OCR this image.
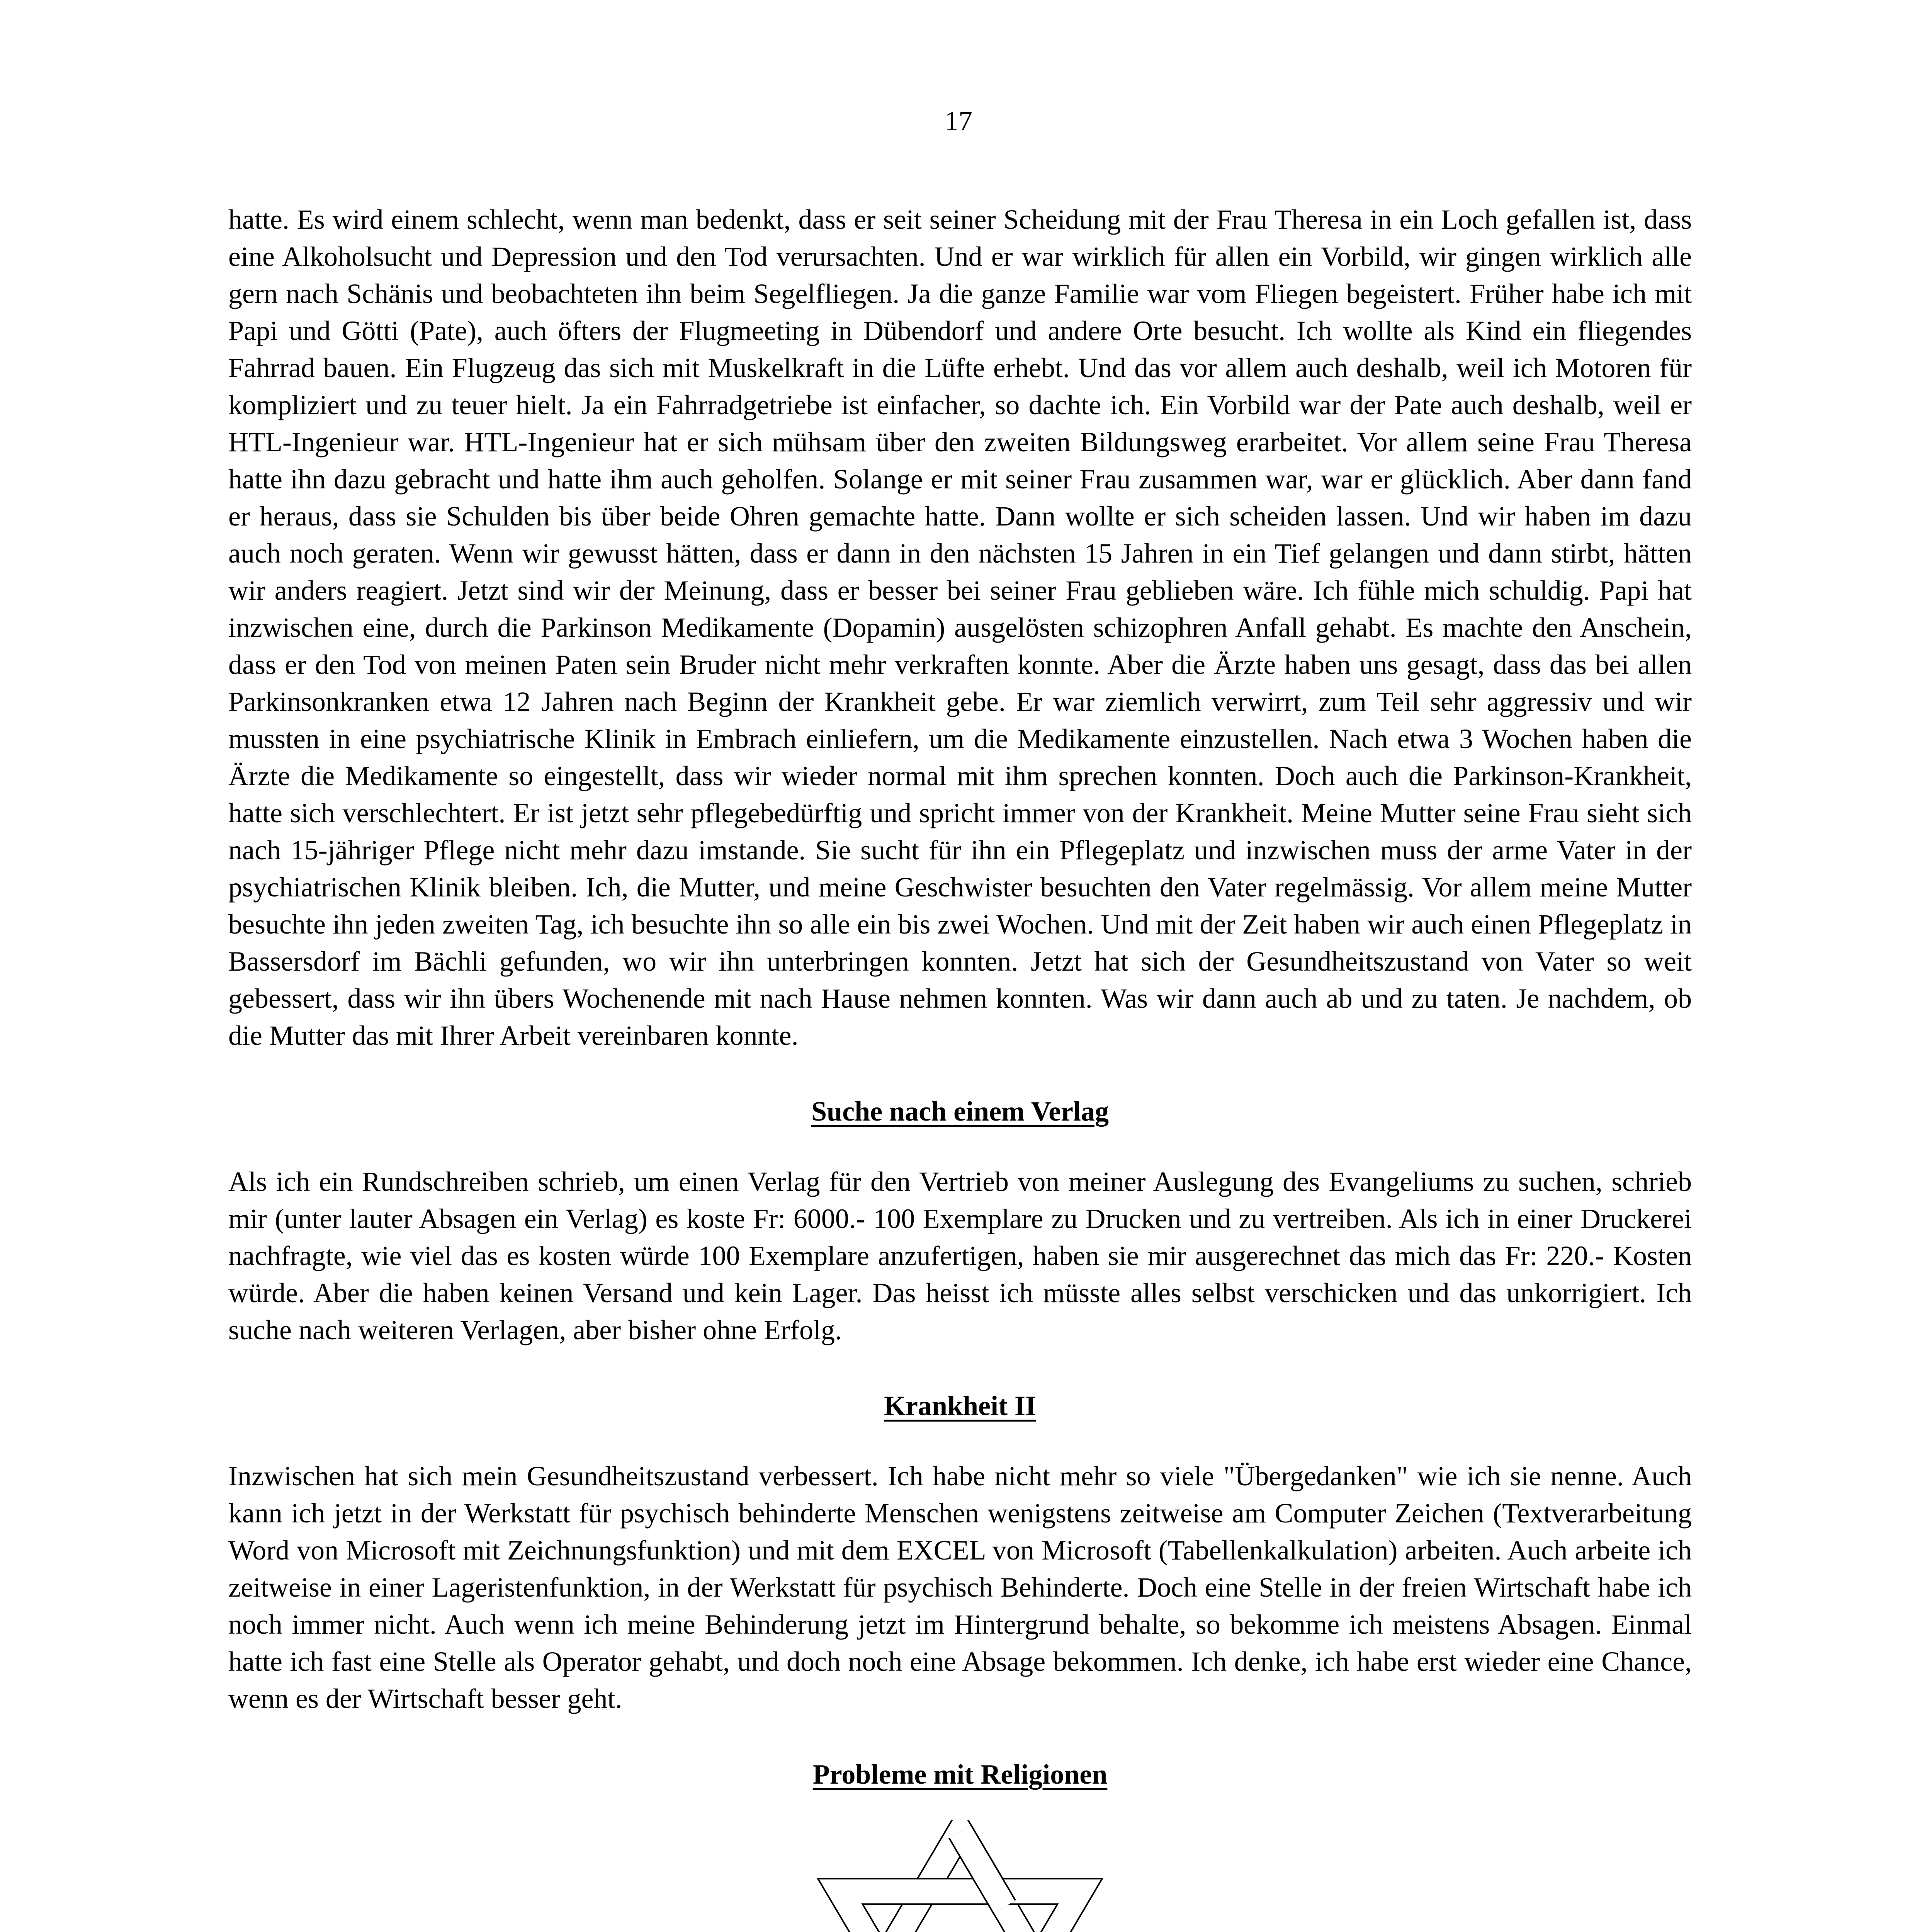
17

hatte. Es wird einem schlecht, wenn man bedenkt, dass er seit seiner Scheidung mit der Frau Theresa in ein Loch gefallen ist, dass eine Alkoholsucht und Depression und den Tod verursachten. Und er war wirklich für allen ein Vorbild, wir gingen wirklich alle gern nach Schänis und beobachteten ihn beim Segelfliegen. Ja die ganze Familie war vom Fliegen begeistert. Früher habe ich mit Papi und Götti (Pate), auch öfters der Flugmeeting in Dübendorf und andere Orte besucht. Ich wollte als Kind ein fliegendes Fahrrad bauen. Ein Flugzeug das sich mit Muskelkraft in die Lüfte erhebt. Und das vor allem auch deshalb, weil ich Motoren für kompliziert und zu teuer hielt. Ja ein Fahrradgetriebe ist einfacher, so dachte ich. Ein Vorbild war der Pate auch deshalb, weil er HTL-Ingenieur war. HTL-Ingenieur hat er sich mühsam über den zweiten Bildungsweg erarbeitet. Vor allem seine Frau Theresa hatte ihn dazu gebracht und hatte ihm auch geholfen. Solange er mit seiner Frau zusammen war, war er glücklich. Aber dann fand er heraus, dass sie Schulden bis über beide Ohren gemachte hatte. Dann wollte er sich scheiden lassen. Und wir haben im dazu auch noch geraten. Wenn wir gewusst hätten, dass er dann in den nächsten 15 Jahren in ein Tief gelangen und dann stirbt, hätten wir anders reagiert. Jetzt sind wir der Meinung, dass er besser bei seiner Frau geblieben wäre. Ich fühle mich schuldig. Papi hat inzwischen eine, durch die Parkinson Medikamente (Dopamin) ausgelösten schizophren Anfall gehabt. Es machte den Anschein, dass er den Tod von meinen Paten sein Bruder nicht mehr verkraften konnte. Aber die Ärzte haben uns gesagt, dass das bei allen Parkinsonkranken etwa 12 Jahren nach Beginn der Krankheit gebe. Er war ziemlich verwirrt, zum Teil sehr aggressiv und wir mussten in eine psychiatrische Klinik in Embrach einliefern, um die Medikamente einzustellen. Nach etwa 3 Wochen haben die Ärzte die Medikamente so eingestellt, dass wir wieder normal mit ihm sprechen konnten. Doch auch die Parkinson-Krankheit, hatte sich verschlechtert. Er ist jetzt sehr pflegebedürftig und spricht immer von der Krankheit. Meine Mutter seine Frau sieht sich nach 15-jähriger Pflege nicht mehr dazu imstande. Sie sucht für ihn ein Pflegeplatz und inzwischen muss der arme Vater in der psychiatrischen Klinik bleiben. Ich, die Mutter, und meine Geschwister besuchten den Vater regelmässig. Vor allem meine Mutter besuchte ihn jeden zweiten Tag, ich besuchte ihn so alle ein bis zwei Wochen. Und mit der Zeit haben wir auch einen Pflegeplatz in Bassersdorf im Bächli gefunden, wo wir ihn unterbringen konnten. Jetzt hat sich der Gesundheitszustand von Vater so weit gebessert, dass wir ihn übers Wochenende mit nach Hause nehmen konnten. Was wir dann auch ab und zu taten. Je nachdem, ob die Mutter das mit Ihrer Arbeit vereinbaren konnte.

Suche nach einem Verlag

Als ich ein Rundschreiben schrieb, um einen Verlag für den Vertrieb von meiner Auslegung des Evangeliums zu suchen, schrieb mir (unter lauter Absagen ein Verlag) es koste Fr: 6000.- 100 Exemplare zu Drucken und zu vertreiben. Als ich in einer Druckerei nachfragte, wie viel das es kosten würde 100 Exemplare anzufertigen, haben sie mir ausgerechnet das mich das Fr: 220.- Kosten würde. Aber die haben keinen Versand und kein Lager. Das heisst ich müsste alles selbst verschicken und das unkorrigiert. Ich suche nach weiteren Verlagen, aber bisher ohne Erfolg.

Krankheit II

Inzwischen hat sich mein Gesundheitszustand verbessert. Ich habe nicht mehr so viele "Übergedanken" wie ich sie nenne. Auch kann ich jetzt in der Werkstatt für psychisch behinderte Menschen wenigstens zeitweise am Computer Zeichen (Textverarbeitung Word von Microsoft mit Zeichnungsfunktion) und mit dem EXCEL von Microsoft (Tabellenkalkulation) arbeiten. Auch arbeite ich zeitweise in einer Lageristenfunktion, in der Werkstatt für psychisch Behinderte. Doch eine Stelle in der freien Wirtschaft habe ich noch immer nicht. Auch wenn ich meine Behinderung jetzt im Hintergrund behalte, so bekomme ich meistens Absagen. Einmal hatte ich fast eine Stelle als Operator gehabt, und doch noch eine Absage bekommen. Ich denke, ich habe erst wieder eine Chance, wenn es der Wirtschaft besser geht.

Probleme mit Religionen
